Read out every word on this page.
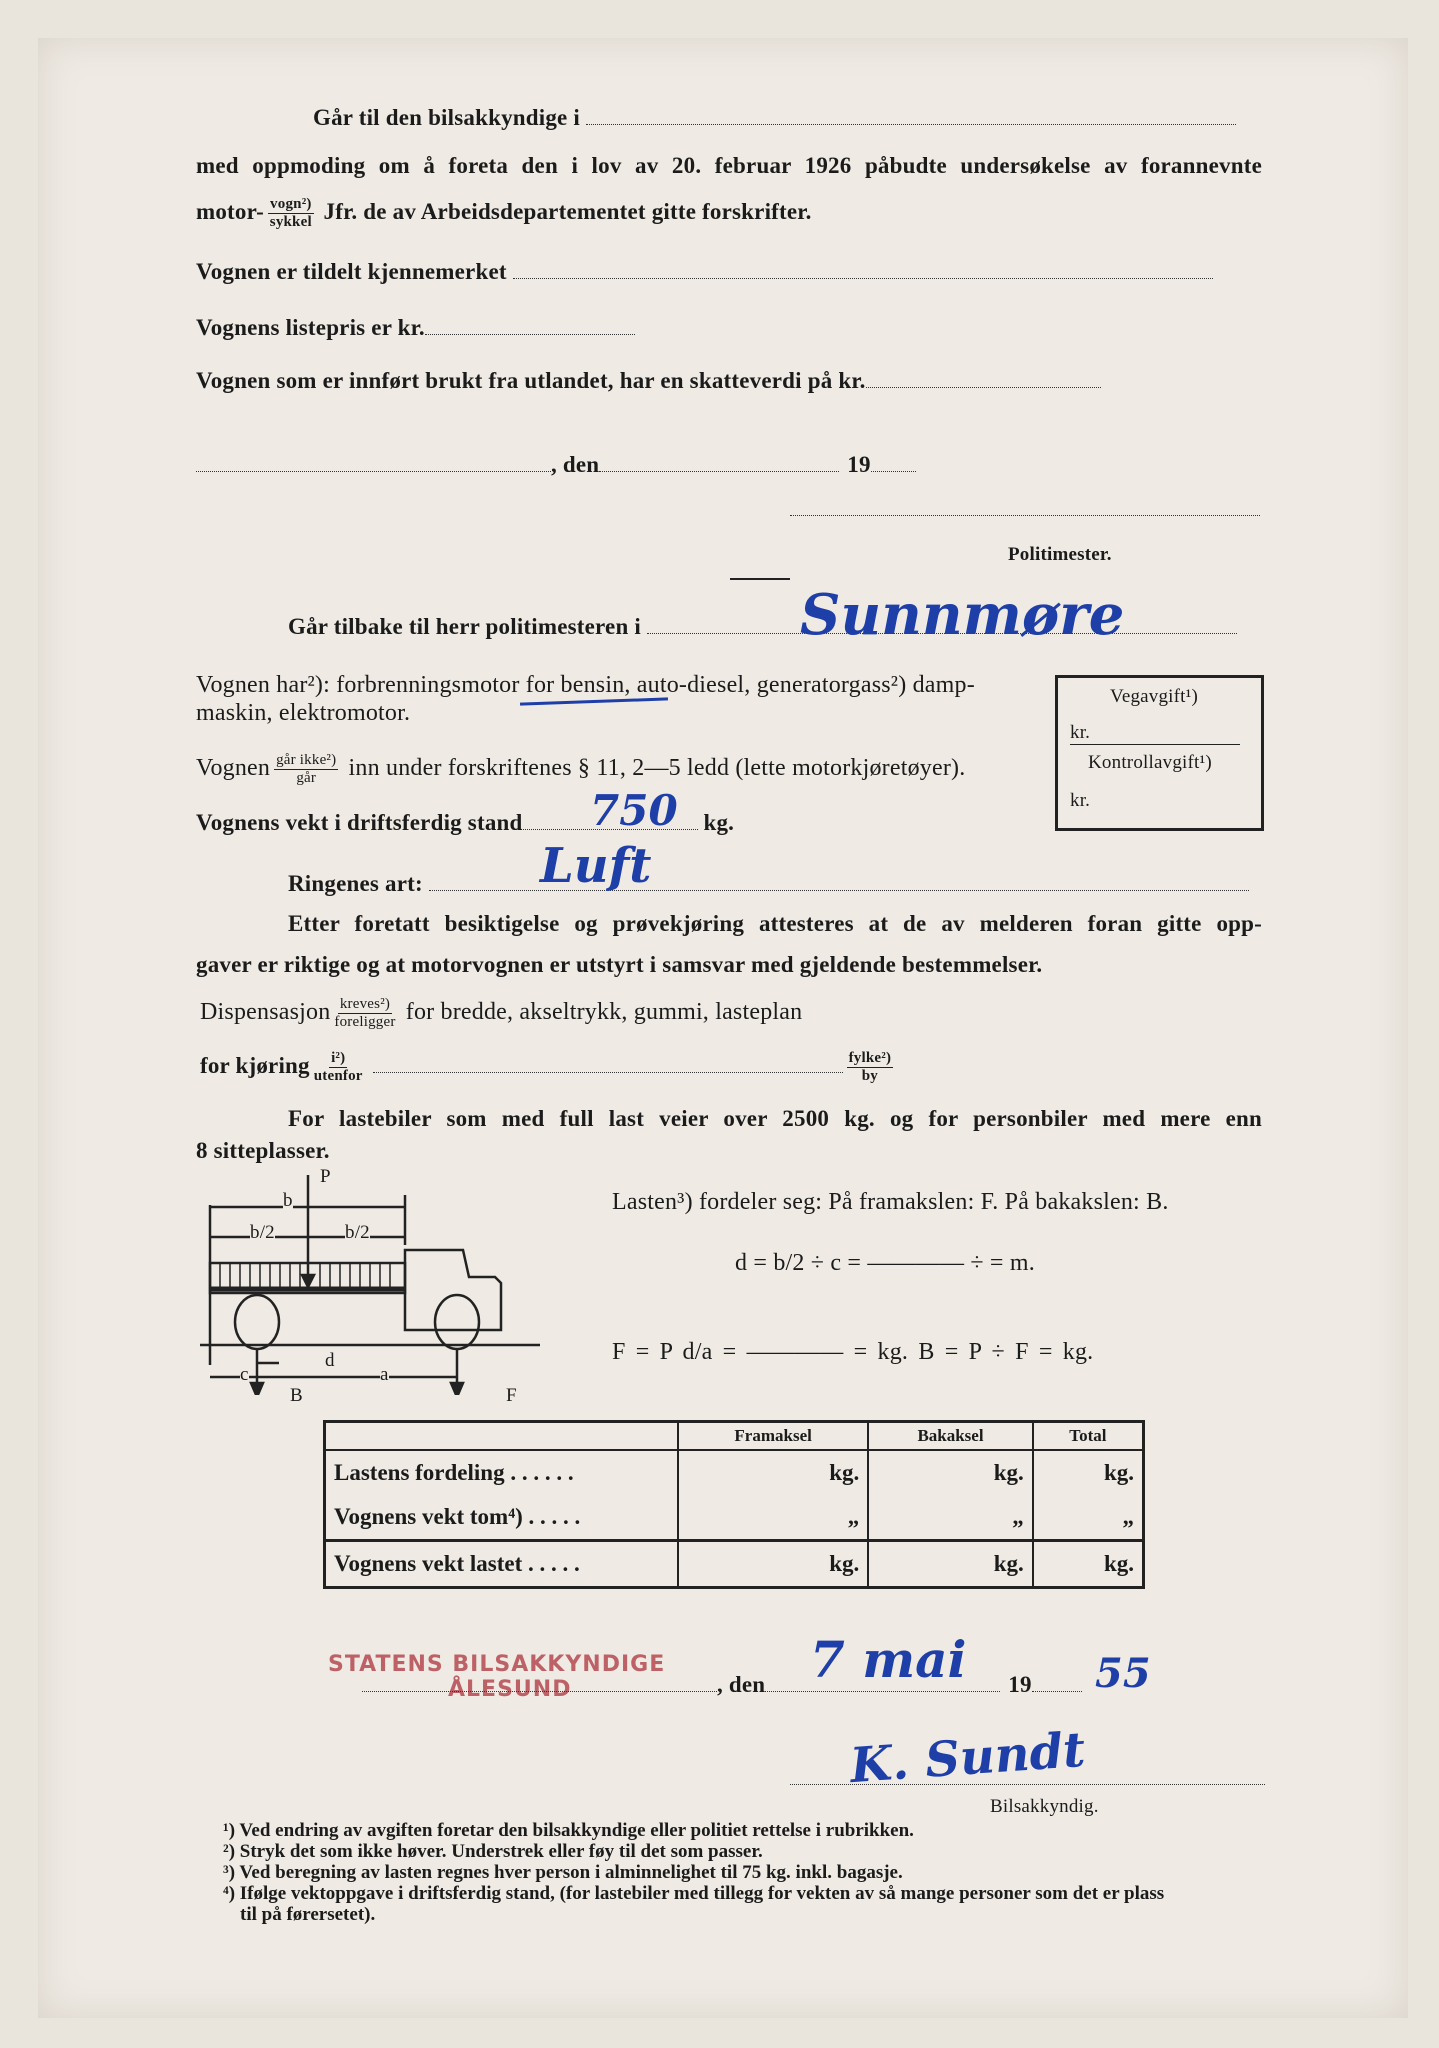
Går til den bilsakkyndige i
med oppmoding om å foreta den i lov av 20. februar 1926 påbudte undersøkelse av forannevnte
motor- $\frac{\text{vogn²)}}{\text{sykkel}}$ Jfr. de av Arbeidsdepartementet gitte forskrifter.
Vognen er tildelt kjennemerket
Vognens listepris er kr.
Vognen som er innført brukt fra utlandet, har en skatteverdi på kr.
, den	19
Politimester.
Går tilbake til herr politimesteren i	Sunnmøre
Vognen har²): forbrenningsmotor for bensin, auto-diesel, generatorgass²) damp-
maskin, elektromotor.
Vegavgift¹)
kr.
Kontrollavgift¹)
kr.
Vognen $\frac{\text{går ikke²)}}{\text{går}}$ inn under forskriftenes § 11, 2—5 ledd (lette motorkjøretøyer).
Vognens vekt i driftsferdig stand	kg.
750
Ringenes art:	Luft
Etter foretatt besiktigelse og prøvekjøring attesteres at de av melderen foran gitte opp-
gaver er riktige og at motorvognen er utstyrt i samsvar med gjeldende bestemmelser.
Dispensasjon $\frac{\text{kreves²)}}{\text{foreligger}}$ for bredde, akseltrykk, gummi, lasteplan
for kjøring $\frac{\text{i²)}}{\text{utenfor}}$
	$\frac{\text{fylke²)}}{by}$
For lastebiler som med full last veier over 2500 kg. og for personbiler med mere enn
8 sitteplasser.
P
b
b/2	b/2
c	a
d
B	F
Lasten³) fordeler seg: På framakslen: F. På bakakslen: B.
d = b/2 ÷ c = ———— ÷ = m.
F = P d/a = ———— = kg. B = P ÷ F = kg.
	Framaksel	Bakaksel	Total
Lastens fordeling . . . . . .	kg.	kg.	kg.
Vognens vekt tom⁴) . . . . .	„	„	„
Vognens vekt lastet . . . . .	kg.	kg.	kg.
STATENS BILSAKKYNDIGE
ÅLESUND	, den	19
7 mai	55
K. Sundt
Bilsakkyndig.
¹) Ved endring av avgiften foretar den bilsakkyndige eller politiet rettelse i rubrikken.
²) Stryk det som ikke høver. Understrek eller føy til det som passer.
³) Ved beregning av lasten regnes hver person i alminnelighet til 75 kg. inkl. bagasje.
⁴) Ifølge vektoppgave i driftsferdig stand, (for lastebiler med tillegg for vekten av så mange personer som det er plass
til på førersetet).
